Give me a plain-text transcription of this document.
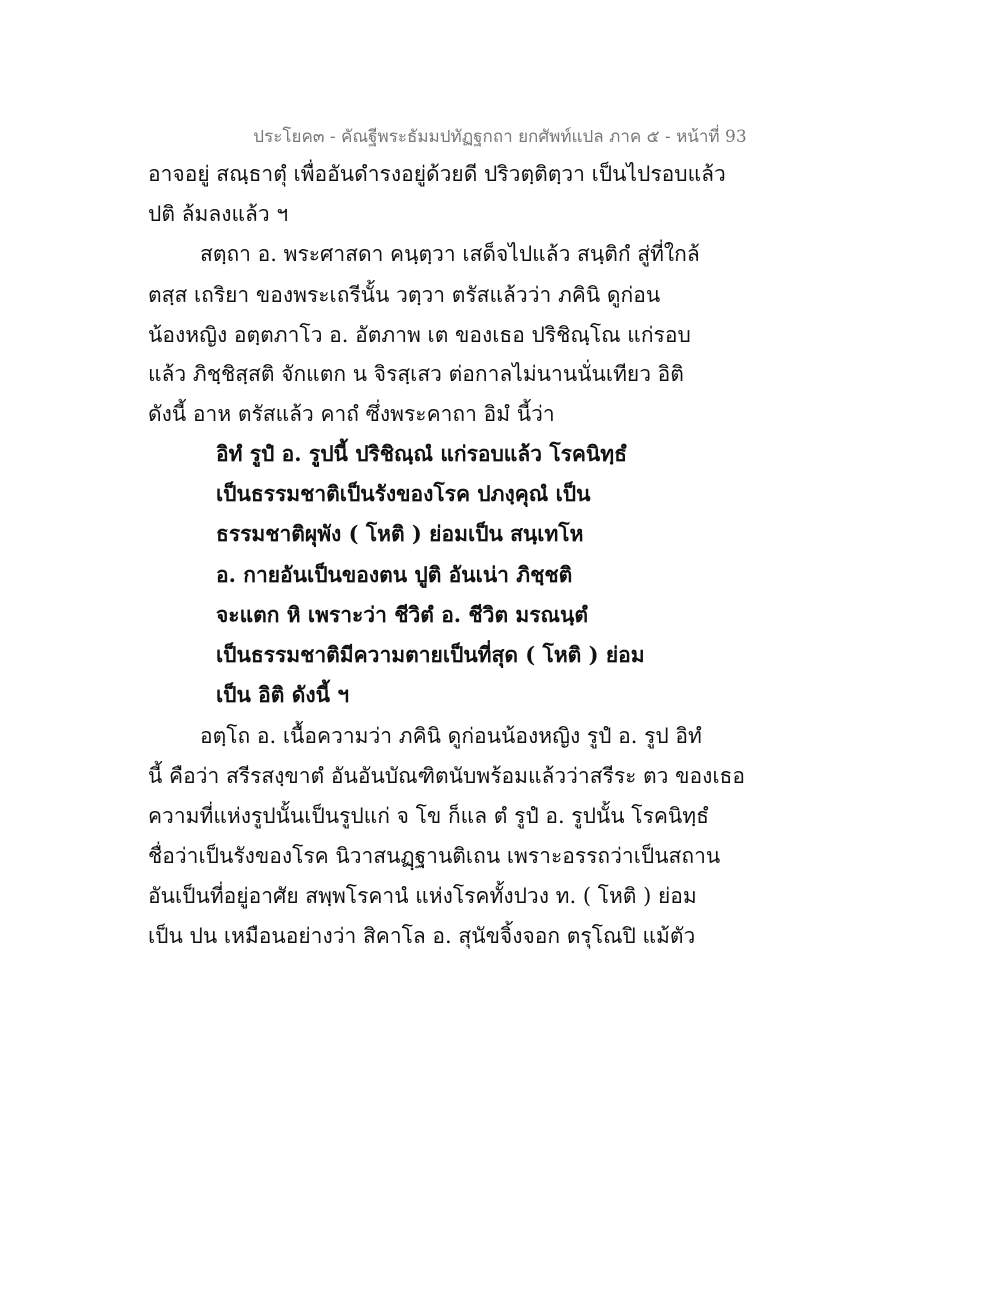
ประโยค๓ - คัณฐีพระธัมมปทัฏฐกถา ยกศัพท์แปล ภาค ๕ - หน้าที่ 93
อาจอยู่ สณฺธาตุํ เพื่ออันดำรงอยู่ด้วยดี ปริวตฺติตฺวา เป็นไปรอบแล้ว
ปติ ล้มลงแล้ว ฯ
สตฺถา อ. พระศาสดา คนฺตฺวา เสด็จไปแล้ว สนฺติกํ สู่ที่ใกล้
ตสฺส เถริยา ของพระเถรีนั้น วตฺวา ตรัสแล้วว่า ภคินิ ดูก่อน
น้องหญิง อตฺตภาโว อ. อัตภาพ เต ของเธอ ปริชิณฺโณ แก่รอบ
แล้ว ภิชฺชิสฺสติ จักแตก น จิรสฺเสว ต่อกาลไม่นานนั่นเทียว อิติ
ดังนี้ อาห ตรัสแล้ว คาถํ ซึ่งพระคาถา อิมํ นี้ว่า
อิทํ รูปํ อ. รูปนี้ ปริชิณฺณํ แก่รอบแล้ว โรคนิทฺธํ
เป็นธรรมชาติเป็นรังของโรค ปภงฺคุณํ เป็น
ธรรมชาติผุพัง ( โหติ ) ย่อมเป็น สนฺเทโห
อ. กายอันเป็นของตน ปูติ อันเน่า ภิชฺชติ
จะแตก หิ เพราะว่า ชีวิตํ อ. ชีวิต มรณนฺตํ
เป็นธรรมชาติมีความตายเป็นที่สุด ( โหติ ) ย่อม
เป็น อิติ ดังนี้ ฯ
อตฺโถ อ. เนื้อความว่า ภคินิ ดูก่อนน้องหญิง รูปํ อ. รูป อิทํ
นี้ คือว่า สรีรสงฺขาตํ อันอันบัณฑิตนับพร้อมแล้วว่าสรีระ ตว ของเธอ
ความที่แห่งรูปนั้นเป็นรูปแก่ จ โข ก็แล ตํ รูปํ อ. รูปนั้น โรคนิทฺธํ
ชื่อว่าเป็นรังของโรค นิวาสนฏฺฐานติเถน เพราะอรรถว่าเป็นสถาน
อันเป็นที่อยู่อาศัย สพฺพโรคานํ แห่งโรคทั้งปวง ท. ( โหติ ) ย่อม
เป็น ปน เหมือนอย่างว่า สิคาโล อ. สุนัขจิ้งจอก ตรุโณปิ แม้ตัว
